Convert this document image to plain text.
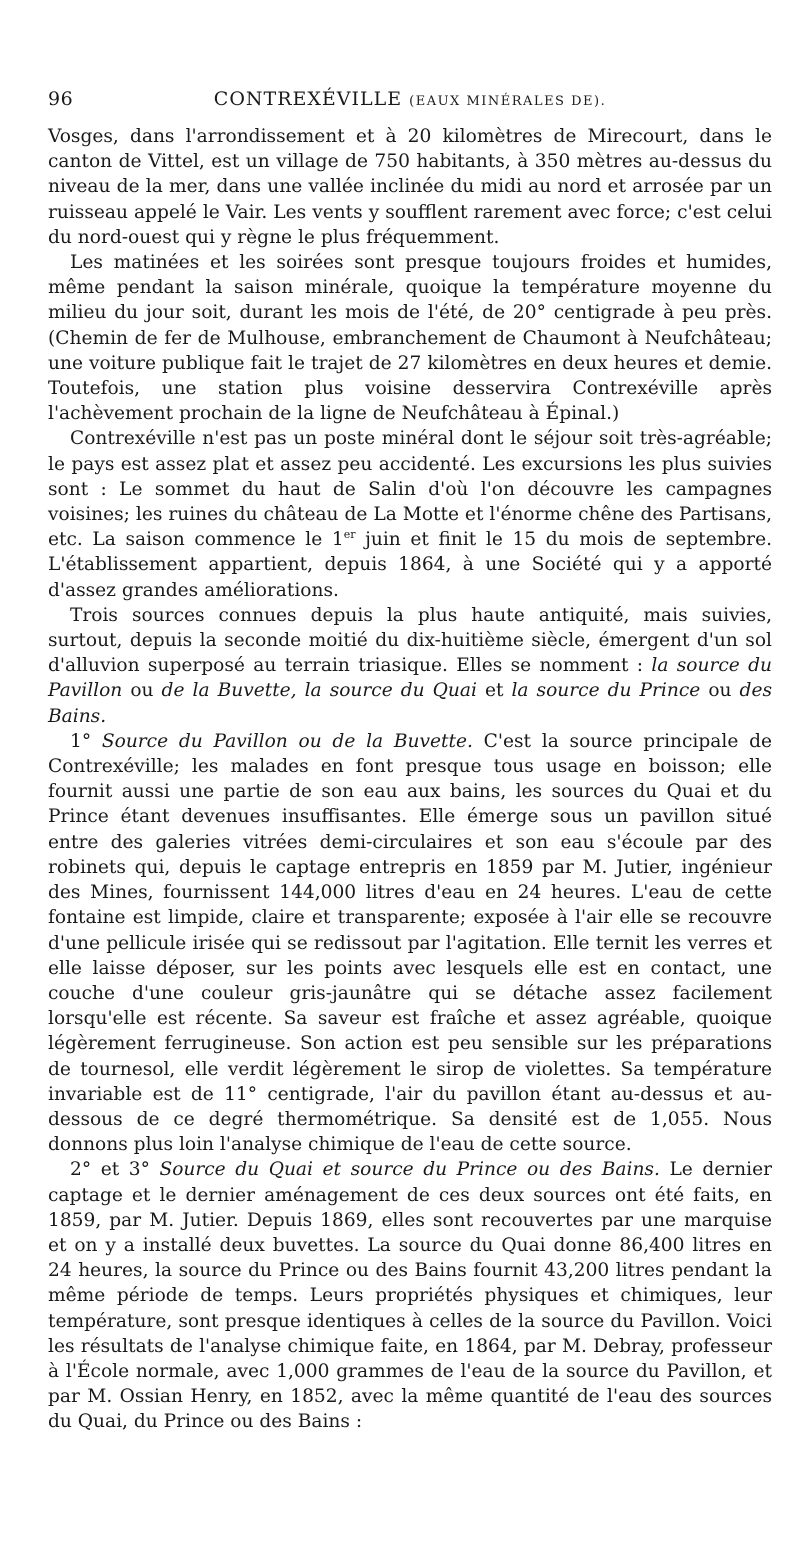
96	CONTREXÉVILLE (EAUX MINÉRALES DE).

Vosges, dans l'arrondissement et à 20 kilomètres de Mirecourt, dans le canton de Vittel, est un village de 750 habitants, à 350 mètres au-dessus du niveau de la mer, dans une vallée inclinée du midi au nord et arrosée par un ruisseau appelé le Vair. Les vents y soufflent rarement avec force; c'est celui du nord-ouest qui y règne le plus fréquemment.

Les matinées et les soirées sont presque toujours froides et humides, même pendant la saison minérale, quoique la température moyenne du milieu du jour soit, durant les mois de l'été, de 20° centigrade à peu près. (Chemin de fer de Mulhouse, embranchement de Chaumont à Neufchâteau; une voiture publique fait le trajet de 27 kilomètres en deux heures et demie. Toutefois, une station plus voisine desservira Contrexéville après l'achèvement prochain de la ligne de Neufchâteau à Épinal.)

Contrexéville n'est pas un poste minéral dont le séjour soit très-agréable; le pays est assez plat et assez peu accidenté. Les excursions les plus suivies sont : Le sommet du haut de Salin d'où l'on découvre les campagnes voisines; les ruines du château de La Motte et l'énorme chêne des Partisans, etc. La saison commence le 1er juin et finit le 15 du mois de septembre. L'établissement appartient, depuis 1864, à une Société qui y a apporté d'assez grandes améliorations.

Trois sources connues depuis la plus haute antiquité, mais suivies, surtout, depuis la seconde moitié du dix-huitième siècle, émergent d'un sol d'alluvion superposé au terrain triasique. Elles se nomment : la source du Pavillon ou de la Buvette, la source du Quai et la source du Prince ou des Bains.

1° Source du Pavillon ou de la Buvette. C'est la source principale de Contrexéville; les malades en font presque tous usage en boisson; elle fournit aussi une partie de son eau aux bains, les sources du Quai et du Prince étant devenues insuffisantes. Elle émerge sous un pavillon situé entre des galeries vitrées demi-circulaires et son eau s'écoule par des robinets qui, depuis le captage entrepris en 1859 par M. Jutier, ingénieur des Mines, fournissent 144,000 litres d'eau en 24 heures. L'eau de cette fontaine est limpide, claire et transparente; exposée à l'air elle se recouvre d'une pellicule irisée qui se redissout par l'agitation. Elle ternit les verres et elle laisse déposer, sur les points avec lesquels elle est en contact, une couche d'une couleur gris-jaunâtre qui se détache assez facilement lorsqu'elle est récente. Sa saveur est fraîche et assez agréable, quoique légèrement ferrugineuse. Son action est peu sensible sur les préparations de tournesol, elle verdit légèrement le sirop de violettes. Sa température invariable est de 11° centigrade, l'air du pavillon étant au-dessus et au-dessous de ce degré thermométrique. Sa densité est de 1,055. Nous donnons plus loin l'analyse chimique de l'eau de cette source.

2° et 3° Source du Quai et source du Prince ou des Bains. Le dernier captage et le dernier aménagement de ces deux sources ont été faits, en 1859, par M. Jutier. Depuis 1869, elles sont recouvertes par une marquise et on y a installé deux buvettes. La source du Quai donne 86,400 litres en 24 heures, la source du Prince ou des Bains fournit 43,200 litres pendant la même période de temps. Leurs propriétés physiques et chimiques, leur température, sont presque identiques à celles de la source du Pavillon. Voici les résultats de l'analyse chimique faite, en 1864, par M. Debray, professeur à l'École normale, avec 1,000 grammes de l'eau de la source du Pavillon, et par M. Ossian Henry, en 1852, avec la même quantité de l'eau des sources du Quai, du Prince ou des Bains :
